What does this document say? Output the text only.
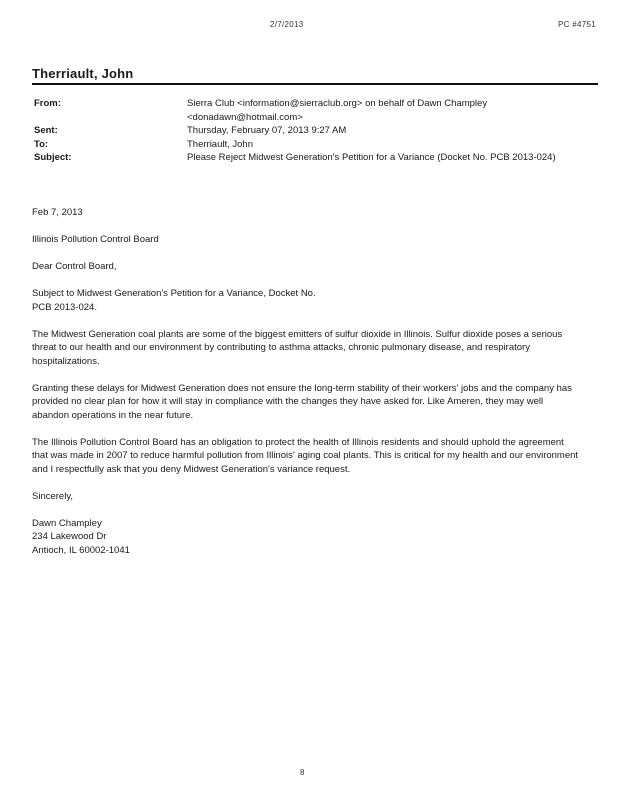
2/7/2013	PC #4751
Therriault, John
From:	Sierra Club <information@sierraclub.org> on behalf of Dawn Champley
<donadawn@hotmail.com>
Sent:	Thursday, February 07, 2013 9:27 AM
To:	Therriault, John
Subject:	Please Reject Midwest Generation's Petition for a Variance (Docket No. PCB 2013-024)

Feb 7, 2013

Illinois Pollution Control Board

Dear Control Board,

Subject to Midwest Generation's Petition for a Variance, Docket No.
PCB 2013-024.

The Midwest Generation coal plants are some of the biggest emitters of sulfur dioxide in Illinois. Sulfur dioxide poses a serious threat to our health and our environment by contributing to asthma attacks, chronic pulmonary disease, and respiratory hospitalizations.

Granting these delays for Midwest Generation does not ensure the long-term stability of their workers' jobs and the company has provided no clear plan for how it will stay in compliance with the changes they have asked for. Like Ameren, they may well abandon operations in the near future.

The Illinois Pollution Control Board has an obligation to protect the health of Illinois residents and should uphold the agreement that was made in 2007 to reduce harmful pollution from Illinois' aging coal plants. This is critical for my health and our environment and I respectfully ask that you deny Midwest Generation's variance request.

Sincerely,

Dawn Champley

234 Lakewood Dr

Antioch, IL 60002-1041

8
